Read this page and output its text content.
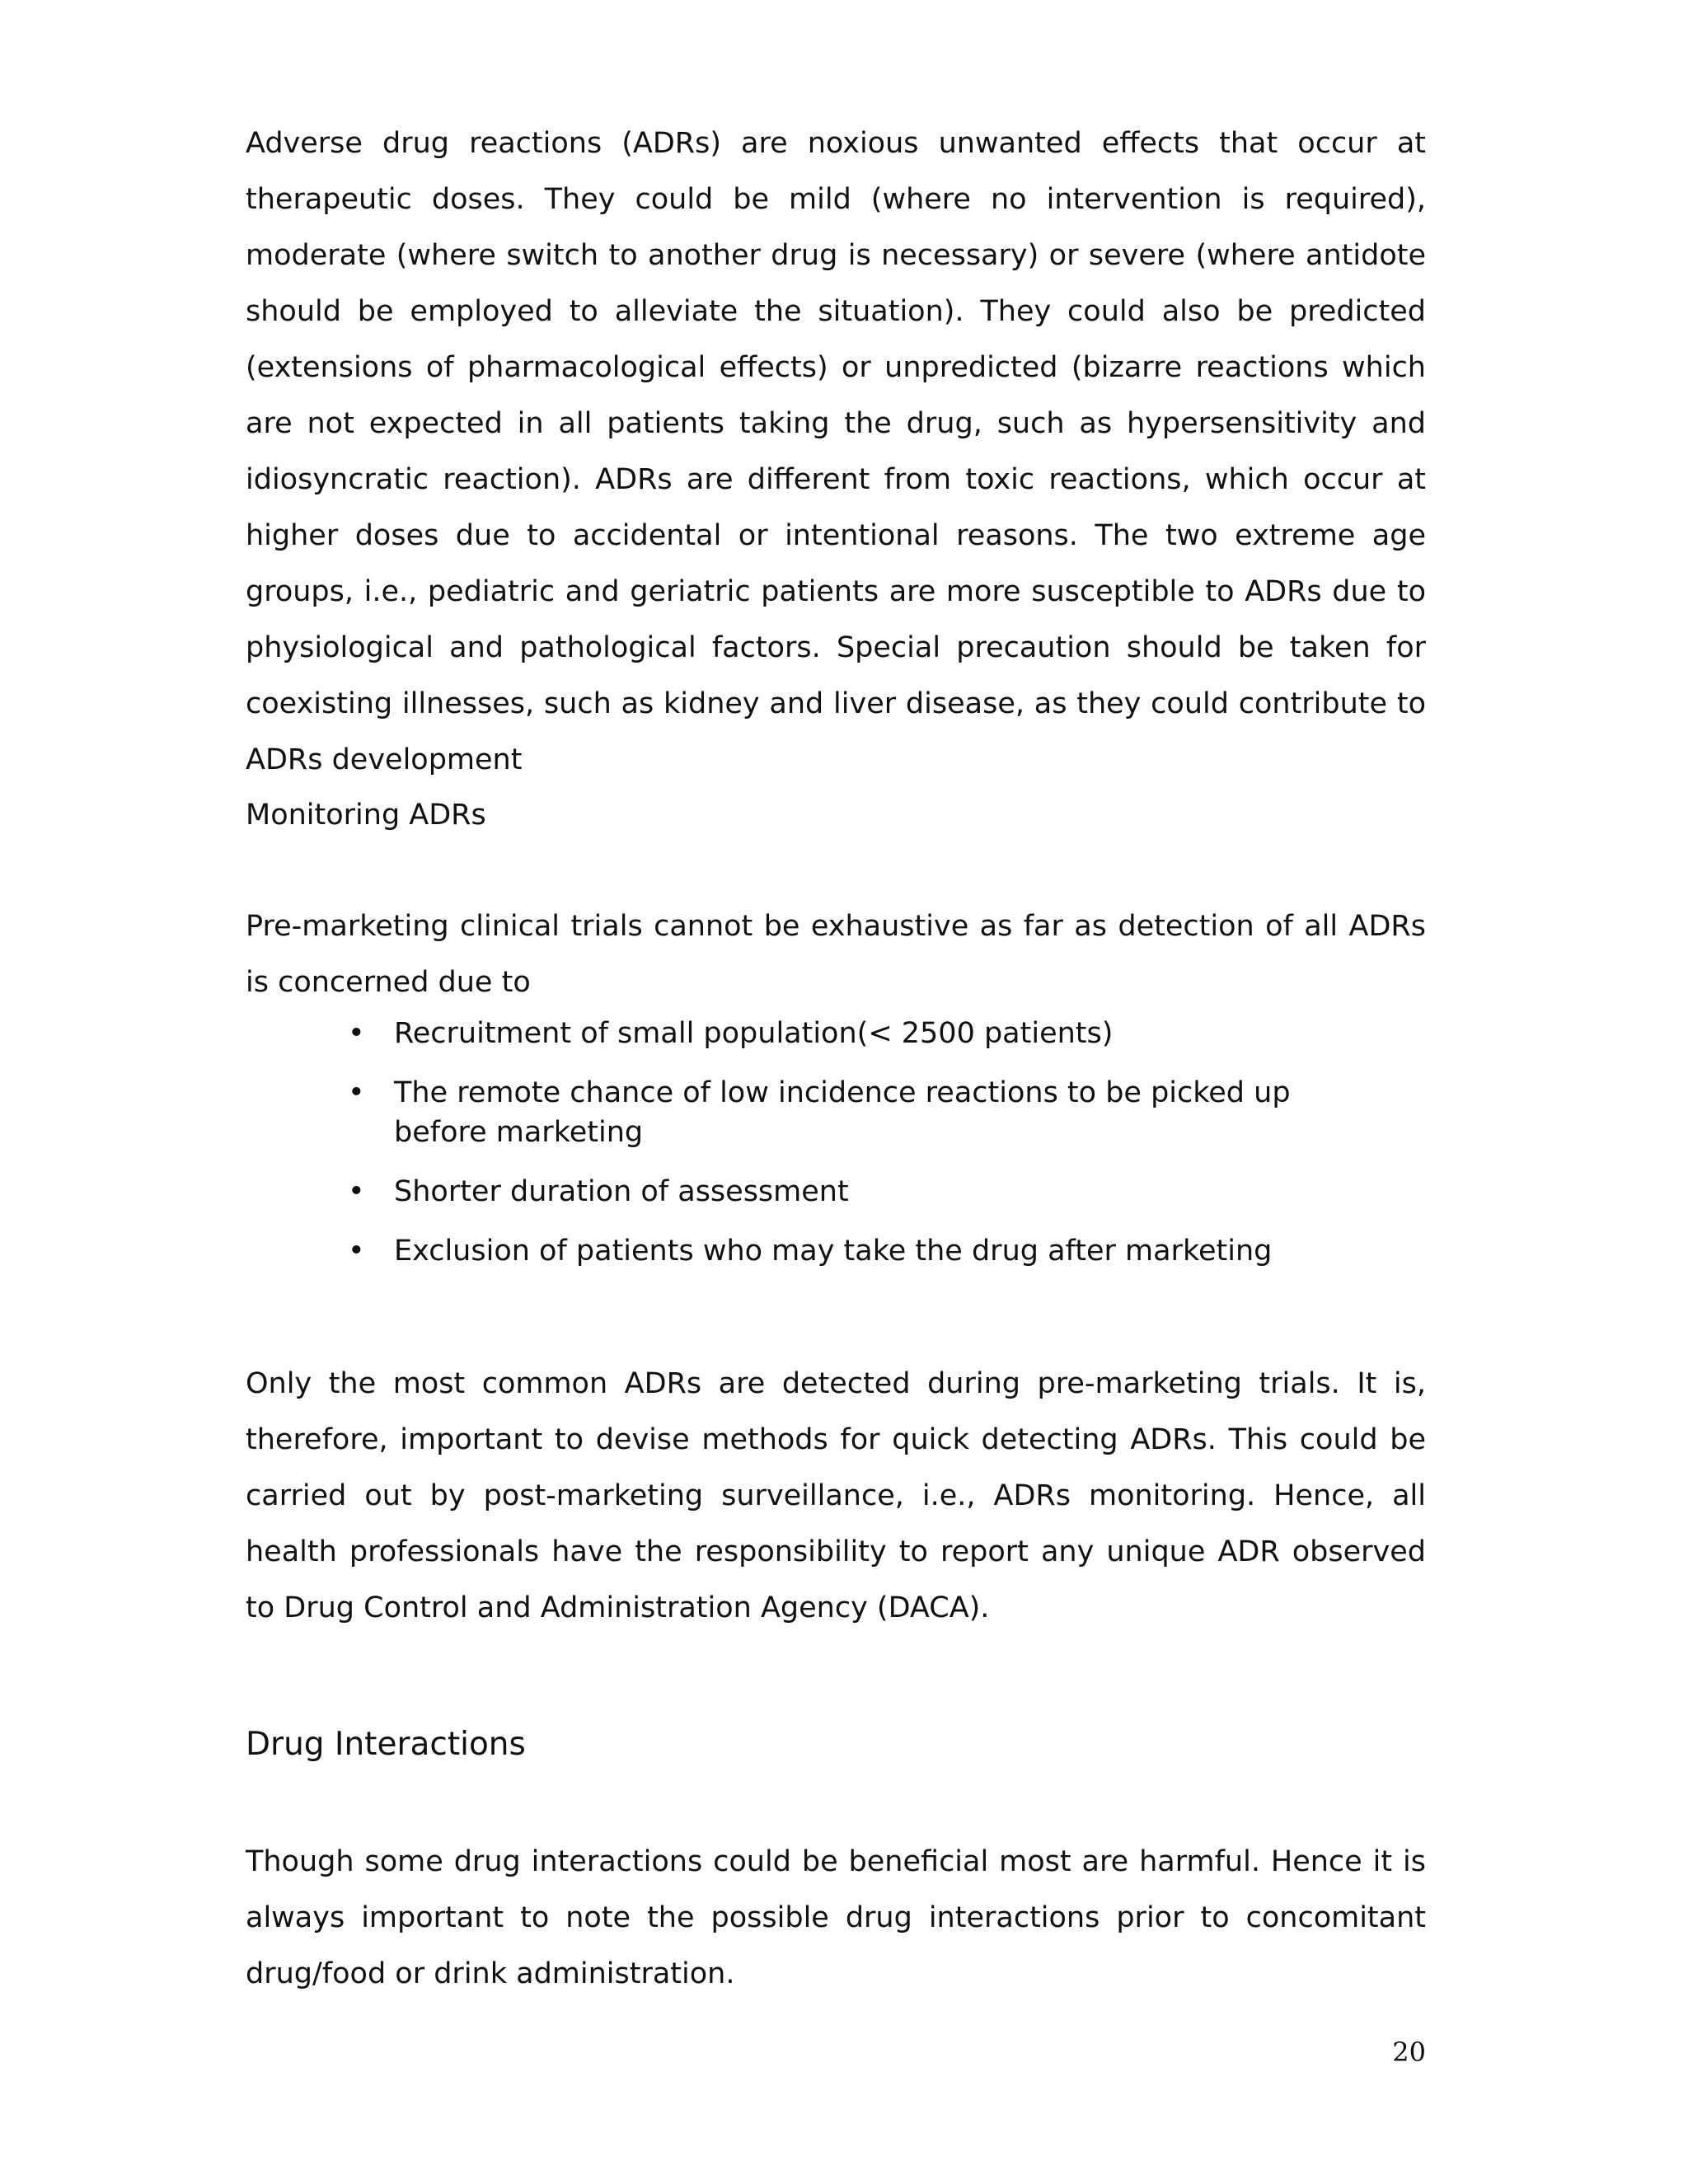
Adverse drug reactions (ADRs) are noxious unwanted effects that occur at therapeutic doses. They could be mild (where no intervention is required), moderate (where switch to another drug is necessary) or severe (where antidote should be employed to alleviate the situation). They could also be predicted (extensions of pharmacological effects) or unpredicted (bizarre reactions which are not expected in all patients taking the drug, such as hypersensitivity and idiosyncratic reaction). ADRs are different from toxic reactions, which occur at higher doses due to accidental or intentional reasons. The two extreme age groups, i.e., pediatric and geriatric patients are more susceptible to ADRs due to physiological and pathological factors. Special precaution should be taken for coexisting illnesses, such as kidney and liver disease, as they could contribute to ADRs development

Monitoring ADRs

Pre-marketing clinical trials cannot be exhaustive as far as detection of all ADRs is concerned due to

• Recruitment of small population(< 2500 patients)
• The remote chance of low incidence reactions to be picked up before marketing
• Shorter duration of assessment
• Exclusion of patients who may take the drug after marketing

Only the most common ADRs are detected during pre-marketing trials. It is, therefore, important to devise methods for quick detecting ADRs. This could be carried out by post-marketing surveillance, i.e., ADRs monitoring. Hence, all health professionals have the responsibility to report any unique ADR observed to Drug Control and Administration Agency (DACA).

Drug Interactions

Though some drug interactions could be beneficial most are harmful. Hence it is always important to note the possible drug interactions prior to concomitant drug/food or drink administration.

20
